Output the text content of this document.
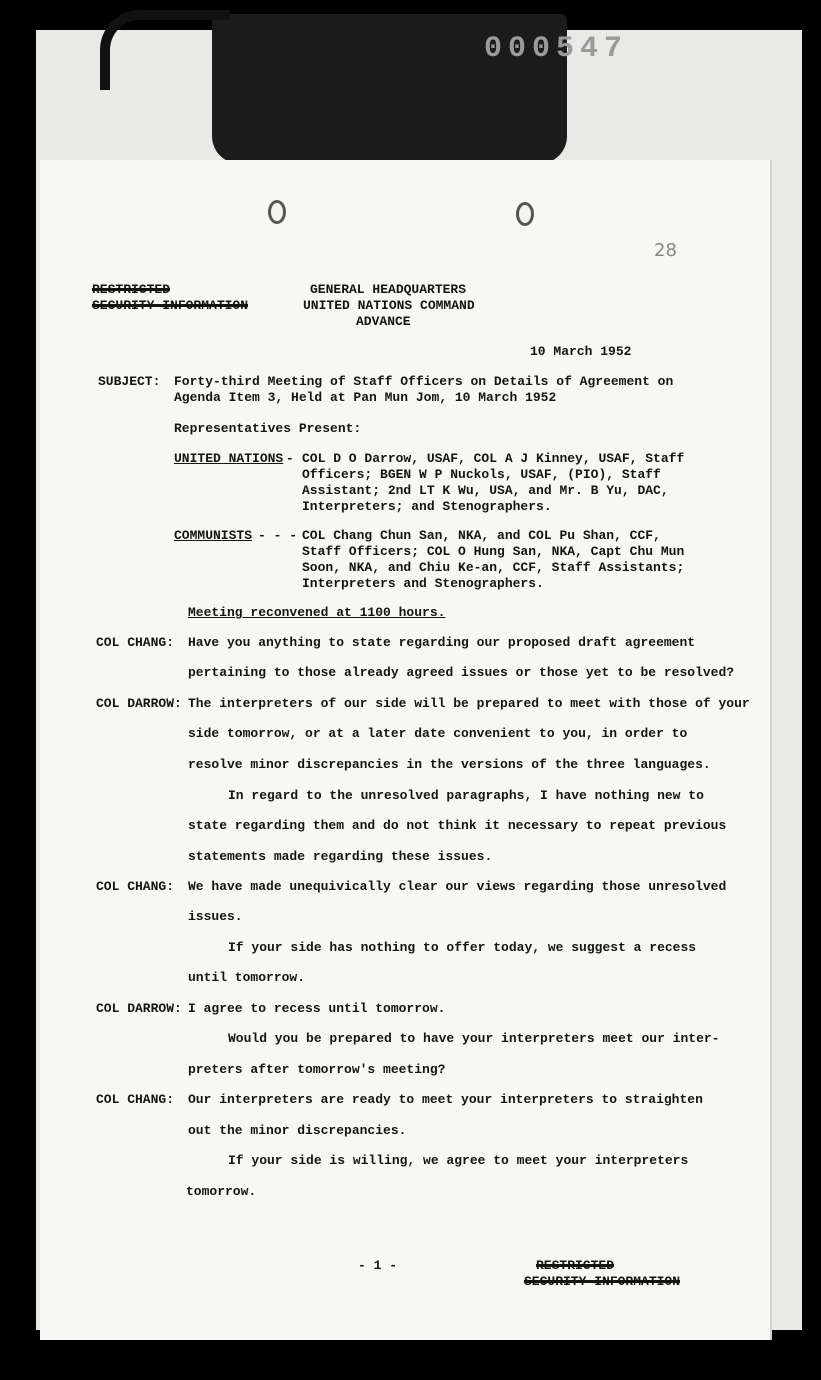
000547
28
RESTRICTED
SECURITY INFORMATION
GENERAL HEADQUARTERS
UNITED NATIONS COMMAND
ADVANCE
10 March 1952
SUBJECT: Forty-third Meeting of Staff Officers on Details of Agreement on
Agenda Item 3, Held at Pan Mun Jom, 10 March 1952
Representatives Present:
UNITED NATIONS - COL D O Darrow, USAF, COL A J Kinney, USAF, Staff
Officers; BGEN W P Nuckols, USAF, (PIO), Staff
Assistant; 2nd LT K Wu, USA, and Mr. B Yu, DAC,
Interpreters; and Stenographers.
COMMUNISTS - - - COL Chang Chun San, NKA, and COL Pu Shan, CCF,
Staff Officers; COL O Hung San, NKA, Capt Chu Mun
Soon, NKA, and Chiu Ke-an, CCF, Staff Assistants;
Interpreters and Stenographers.
Meeting reconvened at 1100 hours.
COL CHANG: Have you anything to state regarding our proposed draft agreement
pertaining to those already agreed issues or those yet to be resolved?
COL DARROW: The interpreters of our side will be prepared to meet with those of your
side tomorrow, or at a later date convenient to you, in order to
resolve minor discrepancies in the versions of the three languages.
In regard to the unresolved paragraphs, I have nothing new to
state regarding them and do not think it necessary to repeat previous
statements made regarding these issues.
COL CHANG: We have made unequivically clear our views regarding those unresolved
issues.
If your side has nothing to offer today, we suggest a recess
until tomorrow.
COL DARROW: I agree to recess until tomorrow.
Would you be prepared to have your interpreters meet our inter-
preters after tomorrow's meeting?
COL CHANG: Our interpreters are ready to meet your interpreters to straighten
out the minor discrepancies.
If your side is willing, we agree to meet your interpreters
tomorrow.
- 1 -	RESTRICTED
SECURITY INFORMATION
